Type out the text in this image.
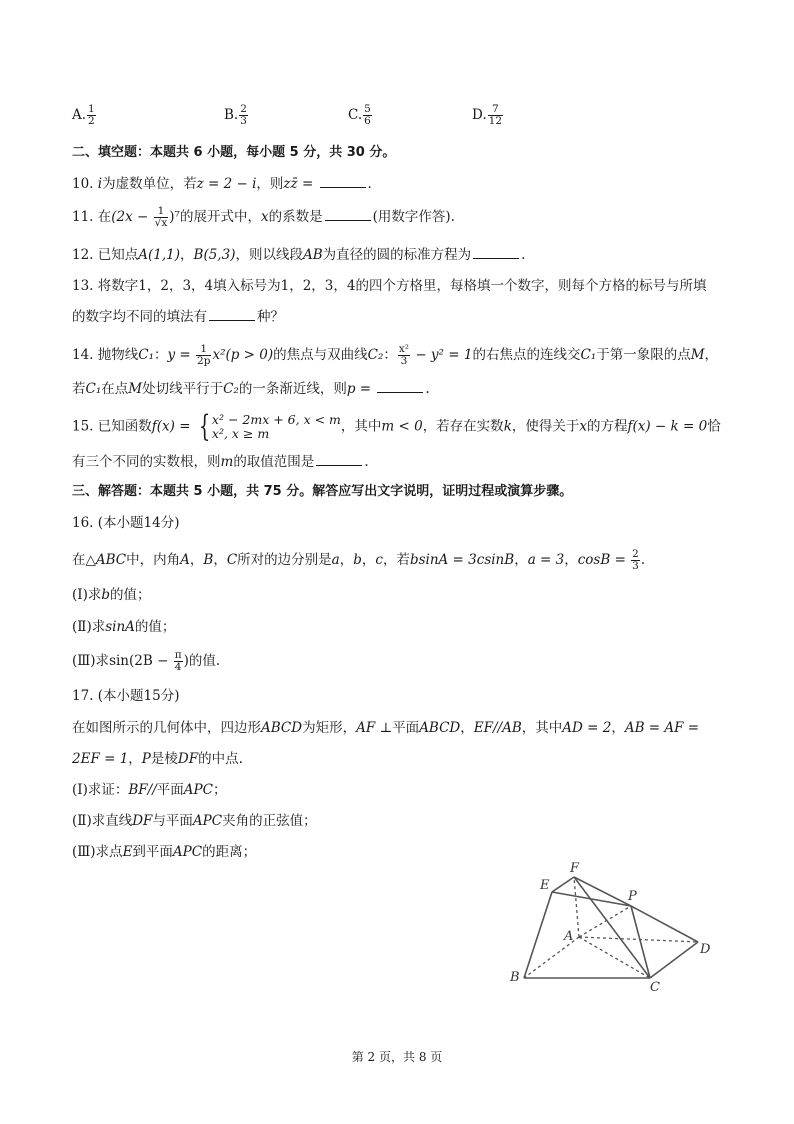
A. $\frac{1}{2}$	B. $\frac{2}{3}$	C. $\frac{5}{6}$	D. $\frac{7}{12}$
二、填空题：本题共 6 小题，每小题 5 分，共 30 分。
10. i为虚数单位，若z = 2 − i，则zz̄ =	.
11. 在$(2x - \frac{1}{√x} )^7$的展开式中，x的系数是	(用数字作答).
12. 已知点A(1,1)，B(5,3)，则以线段AB为直径的圆的标准方程为	.
13. 将数字1，2，3，4填入标号为1，2，3，4的四个方格里，每格填一个数字，则每个方格的标号与所填
的数字均不同的填法有	种？
14. 抛物线C₁：$y = \frac{1}{2p} x^2(p > 0)$的焦点与双曲线C₂： $\frac{\text{x²}}{3} - y^2 = 1$的右焦点的连线交C₁于第一象限的点M，
若C₁在点M处切线平行于C₂的一条渐近线，则p =	.
15. 已知函数f(x) = { x² − 2mx + 6, x < m
x², x ≥ m	，其中m < 0，若存在实数k，使得关于x的方程f(x) − k = 0恰
有三个不同的实数根，则m的取值范围是	.
三、解答题：本题共 5 小题，共 75 分。解答应写出文字说明，证明过程或演算步骤。
16. (本小题14分)
在△ABC中，内角A，B，C所对的边分别是a，b，c，若bsinA = 3csinB，a = 3，$\cos B = \frac{2}{3}$ .
(Ⅰ)求b的值；
(Ⅱ)求sinA的值；
(Ⅲ)求$\sin(2B - \frac{\pi}{4}$ )的值.
17. (本小题15分)
在如图所示的几何体中，四边形ABCD为矩形，AF ⊥平面ABCD，EF//AB，其中AD = 2，AB = AF =
2EF = 1，P是棱DF的中点.
(Ⅰ)求证：BF//平面APC；
(Ⅱ)求直线DF与平面APC夹角的正弦值；
(Ⅲ)求点E到平面APC的距离；
F
E
P
A
D
B
C
第 2 页，共 8 页
